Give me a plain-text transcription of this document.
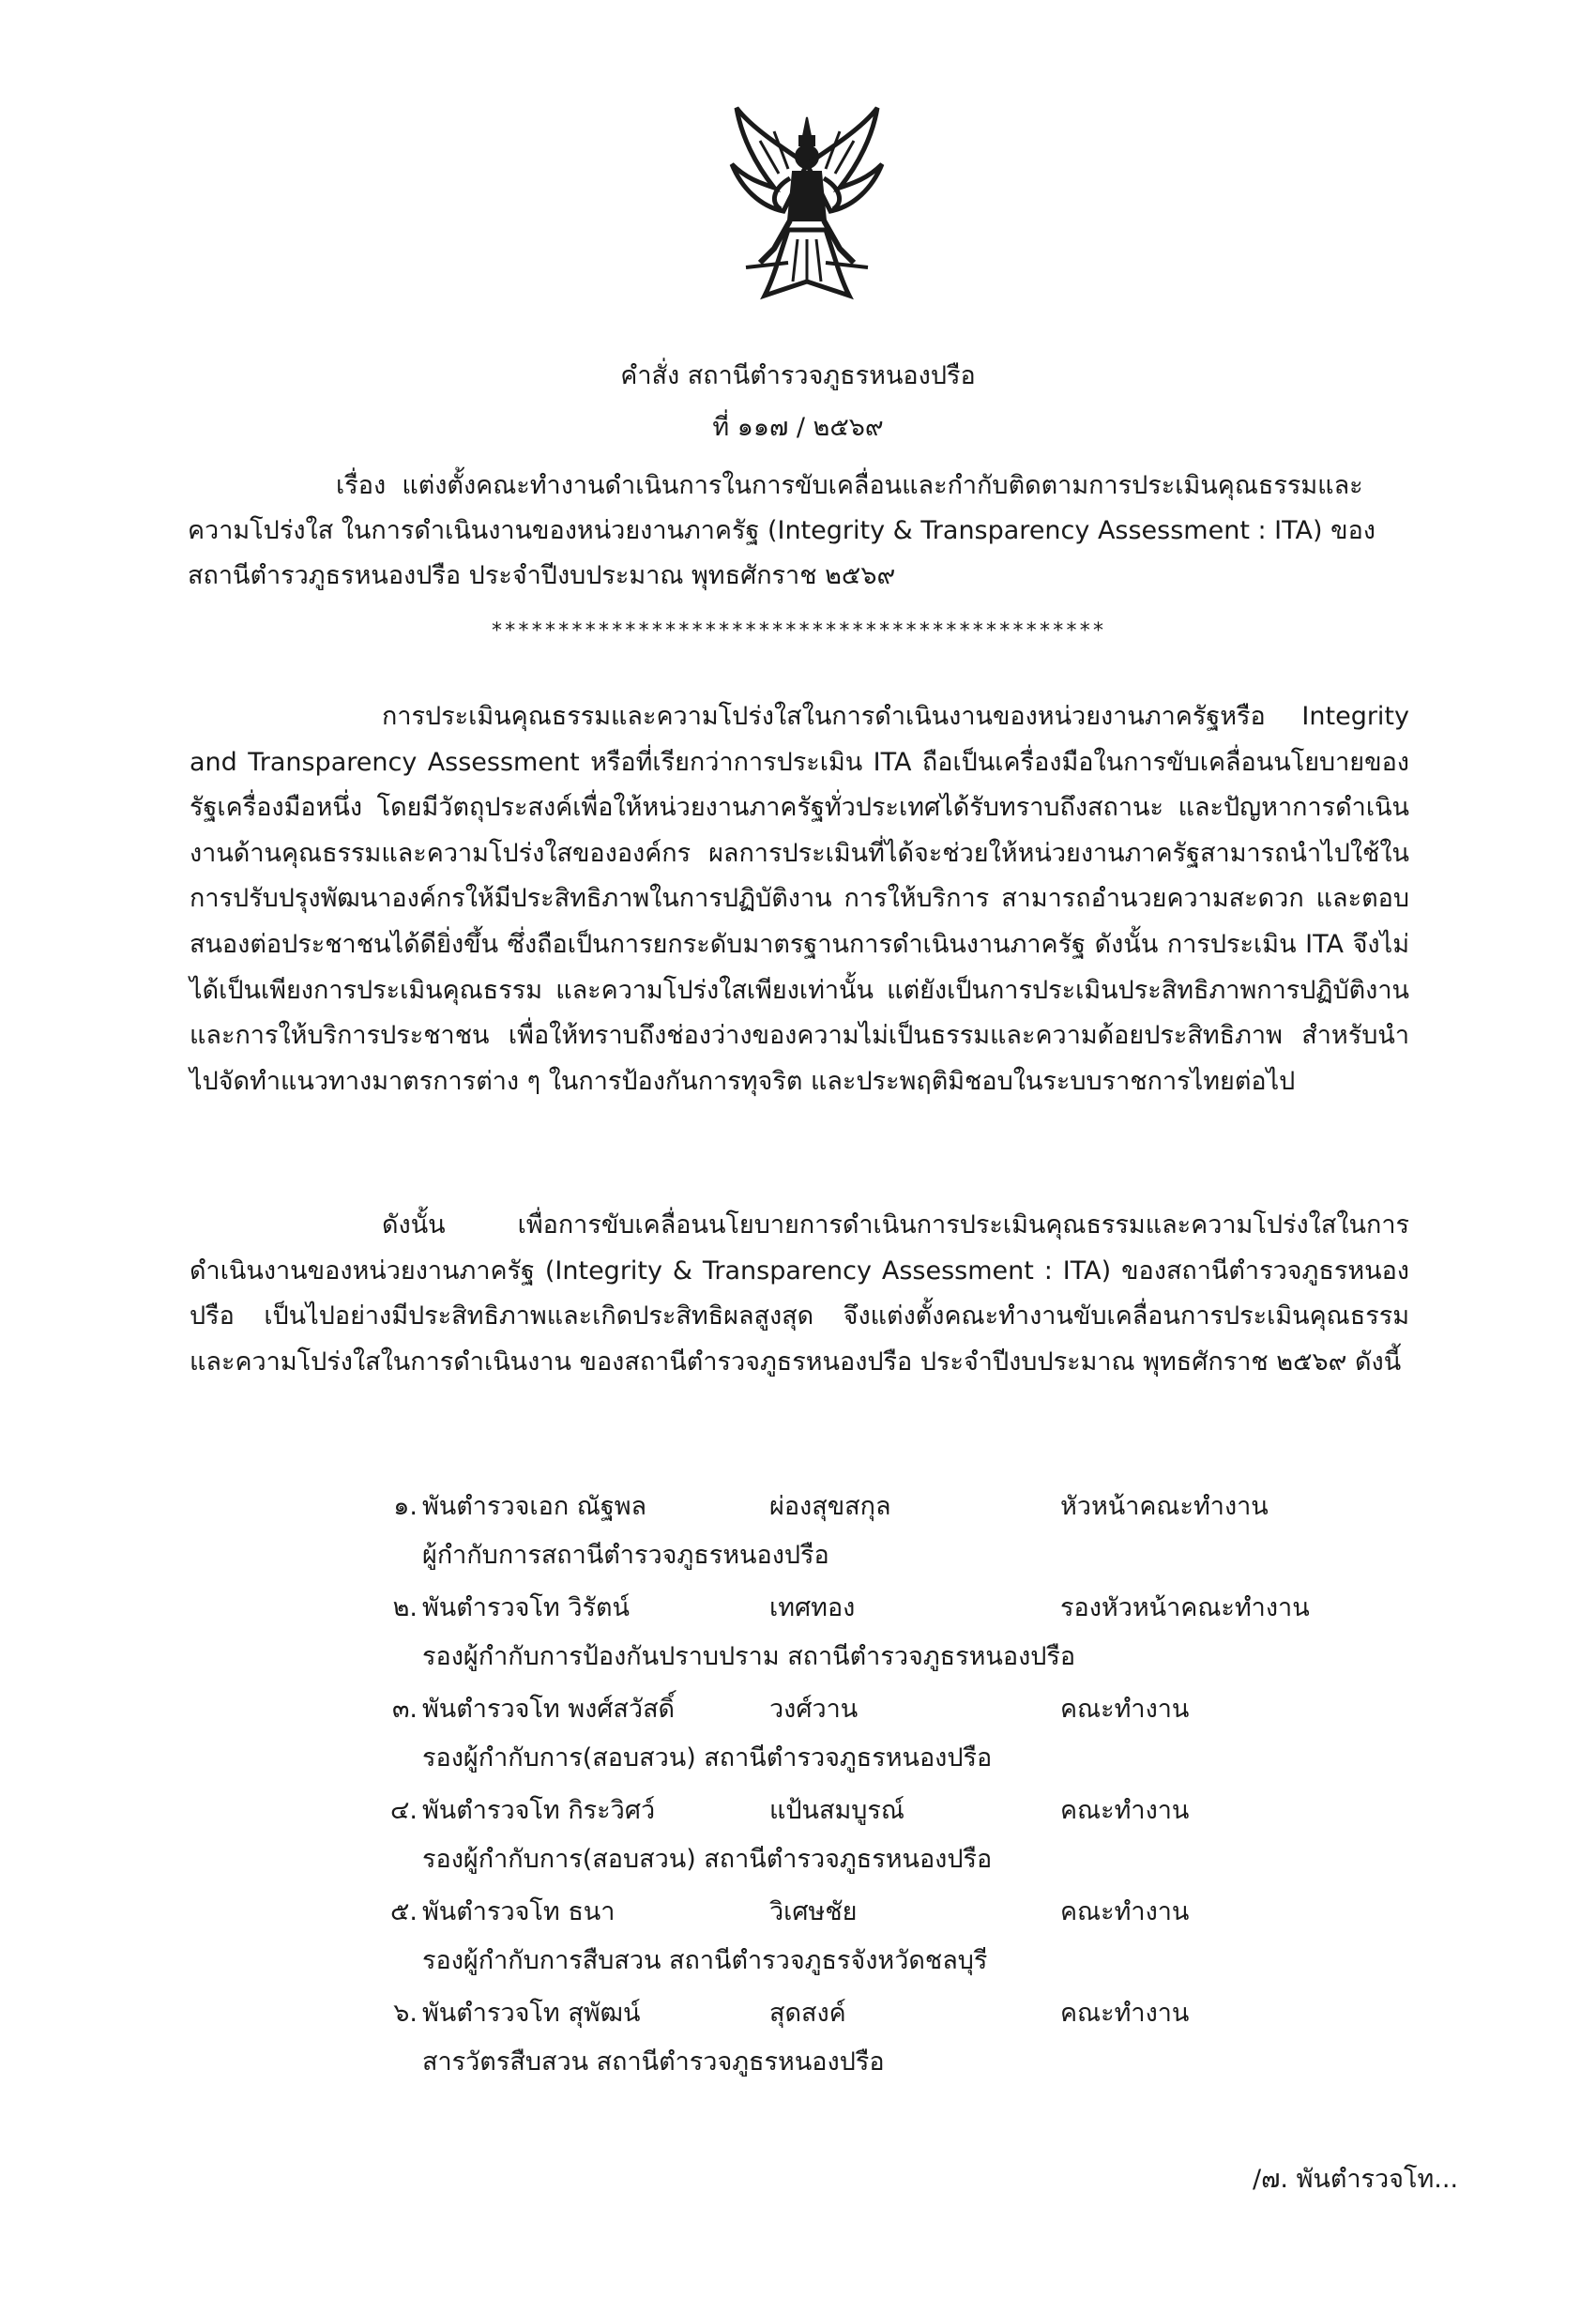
คำสั่ง สถานีตำรวจภูธรหนองปรือ
ที่ ๑๑๗ / ๒๕๖๙

เรื่อง แต่งตั้งคณะทำงานดำเนินการในการขับเคลื่อนและกำกับติดตามการประเมินคุณธรรมและความโปร่งใส ในการดำเนินงานของหน่วยงานภาครัฐ (Integrity & Transparency Assessment : ITA) ของ สถานีตำรวภูธรหนองปรือ ประจำปีงบประมาณ พุทธศักราช ๒๕๖๙

**********************************************

การประเมินคุณธรรมและความโปร่งใสในการดำเนินงานของหน่วยงานภาครัฐหรือ Integrity and Transparency Assessment หรือที่เรียกว่าการประเมิน ITA ถือเป็นเครื่องมือในการขับเคลื่อนนโยบายของรัฐเครื่องมือหนึ่ง โดยมีวัตถุประสงค์เพื่อให้หน่วยงานภาครัฐทั่วประเทศได้รับทราบถึงสถานะ และปัญหาการดำเนินงานด้านคุณธรรมและความโปร่งใสขององค์กร ผลการประเมินที่ได้จะช่วยให้หน่วยงานภาครัฐสามารถนำไปใช้ในการปรับปรุงพัฒนาองค์กรให้มีประสิทธิภาพในการปฏิบัติงาน การให้บริการ สามารถอำนวยความสะดวก และตอบสนองต่อประชาชนได้ดียิ่งขึ้น ซึ่งถือเป็นการยกระดับมาตรฐานการดำเนินงานภาครัฐ ดังนั้น การประเมิน ITA จึงไม่ได้เป็นเพียงการประเมินคุณธรรม และความโปร่งใสเพียงเท่านั้น แต่ยังเป็นการประเมินประสิทธิภาพการปฏิบัติงาน และการให้บริการประชาชน เพื่อให้ทราบถึงช่องว่างของความไม่เป็นธรรมและความด้อยประสิทธิภาพ สำหรับนำไปจัดทำแนวทางมาตรการต่าง ๆ ในการป้องกันการทุจริต และประพฤติมิชอบในระบบราชการไทยต่อไป

ดังนั้น เพื่อการขับเคลื่อนนโยบายการดำเนินการประเมินคุณธรรมและความโปร่งใสในการดำเนินงานของหน่วยงานภาครัฐ (Integrity & Transparency Assessment : ITA) ของสถานีตำรวจภูธรหนองปรือ เป็นไปอย่างมีประสิทธิภาพและเกิดประสิทธิผลสูงสุด จึงแต่งตั้งคณะทำงานขับเคลื่อนการประเมินคุณธรรมและความโปร่งใสในการดำเนินงาน ของสถานีตำรวจภูธรหนองปรือ ประจำปีงบประมาณ พุทธศักราช ๒๕๖๙ ดังนี้

๑. พันตำรวจเอก ณัฐพล	ผ่องสุขสกุล	หัวหน้าคณะทำงาน
ผู้กำกับการสถานีตำรวจภูธรหนองปรือ
๒. พันตำรวจโท วิรัตน์	เทศทอง	รองหัวหน้าคณะทำงาน
รองผู้กำกับการป้องกันปราบปราม สถานีตำรวจภูธรหนองปรือ
๓. พันตำรวจโท พงศ์สวัสดิ์	วงศ์วาน	คณะทำงาน
รองผู้กำกับการ(สอบสวน) สถานีตำรวจภูธรหนองปรือ
๔. พันตำรวจโท กิระวิศว์	แป้นสมบูรณ์	คณะทำงาน
รองผู้กำกับการ(สอบสวน) สถานีตำรวจภูธรหนองปรือ
๕. พันตำรวจโท ธนา	วิเศษชัย	คณะทำงาน
รองผู้กำกับการสืบสวน สถานีตำรวจภูธรจังหวัดชลบุรี
๖. พันตำรวจโท สุพัฒน์	สุดสงค์	คณะทำงาน
สารวัตรสืบสวน สถานีตำรวจภูธรหนองปรือ
/๗. พันตำรวจโท...
